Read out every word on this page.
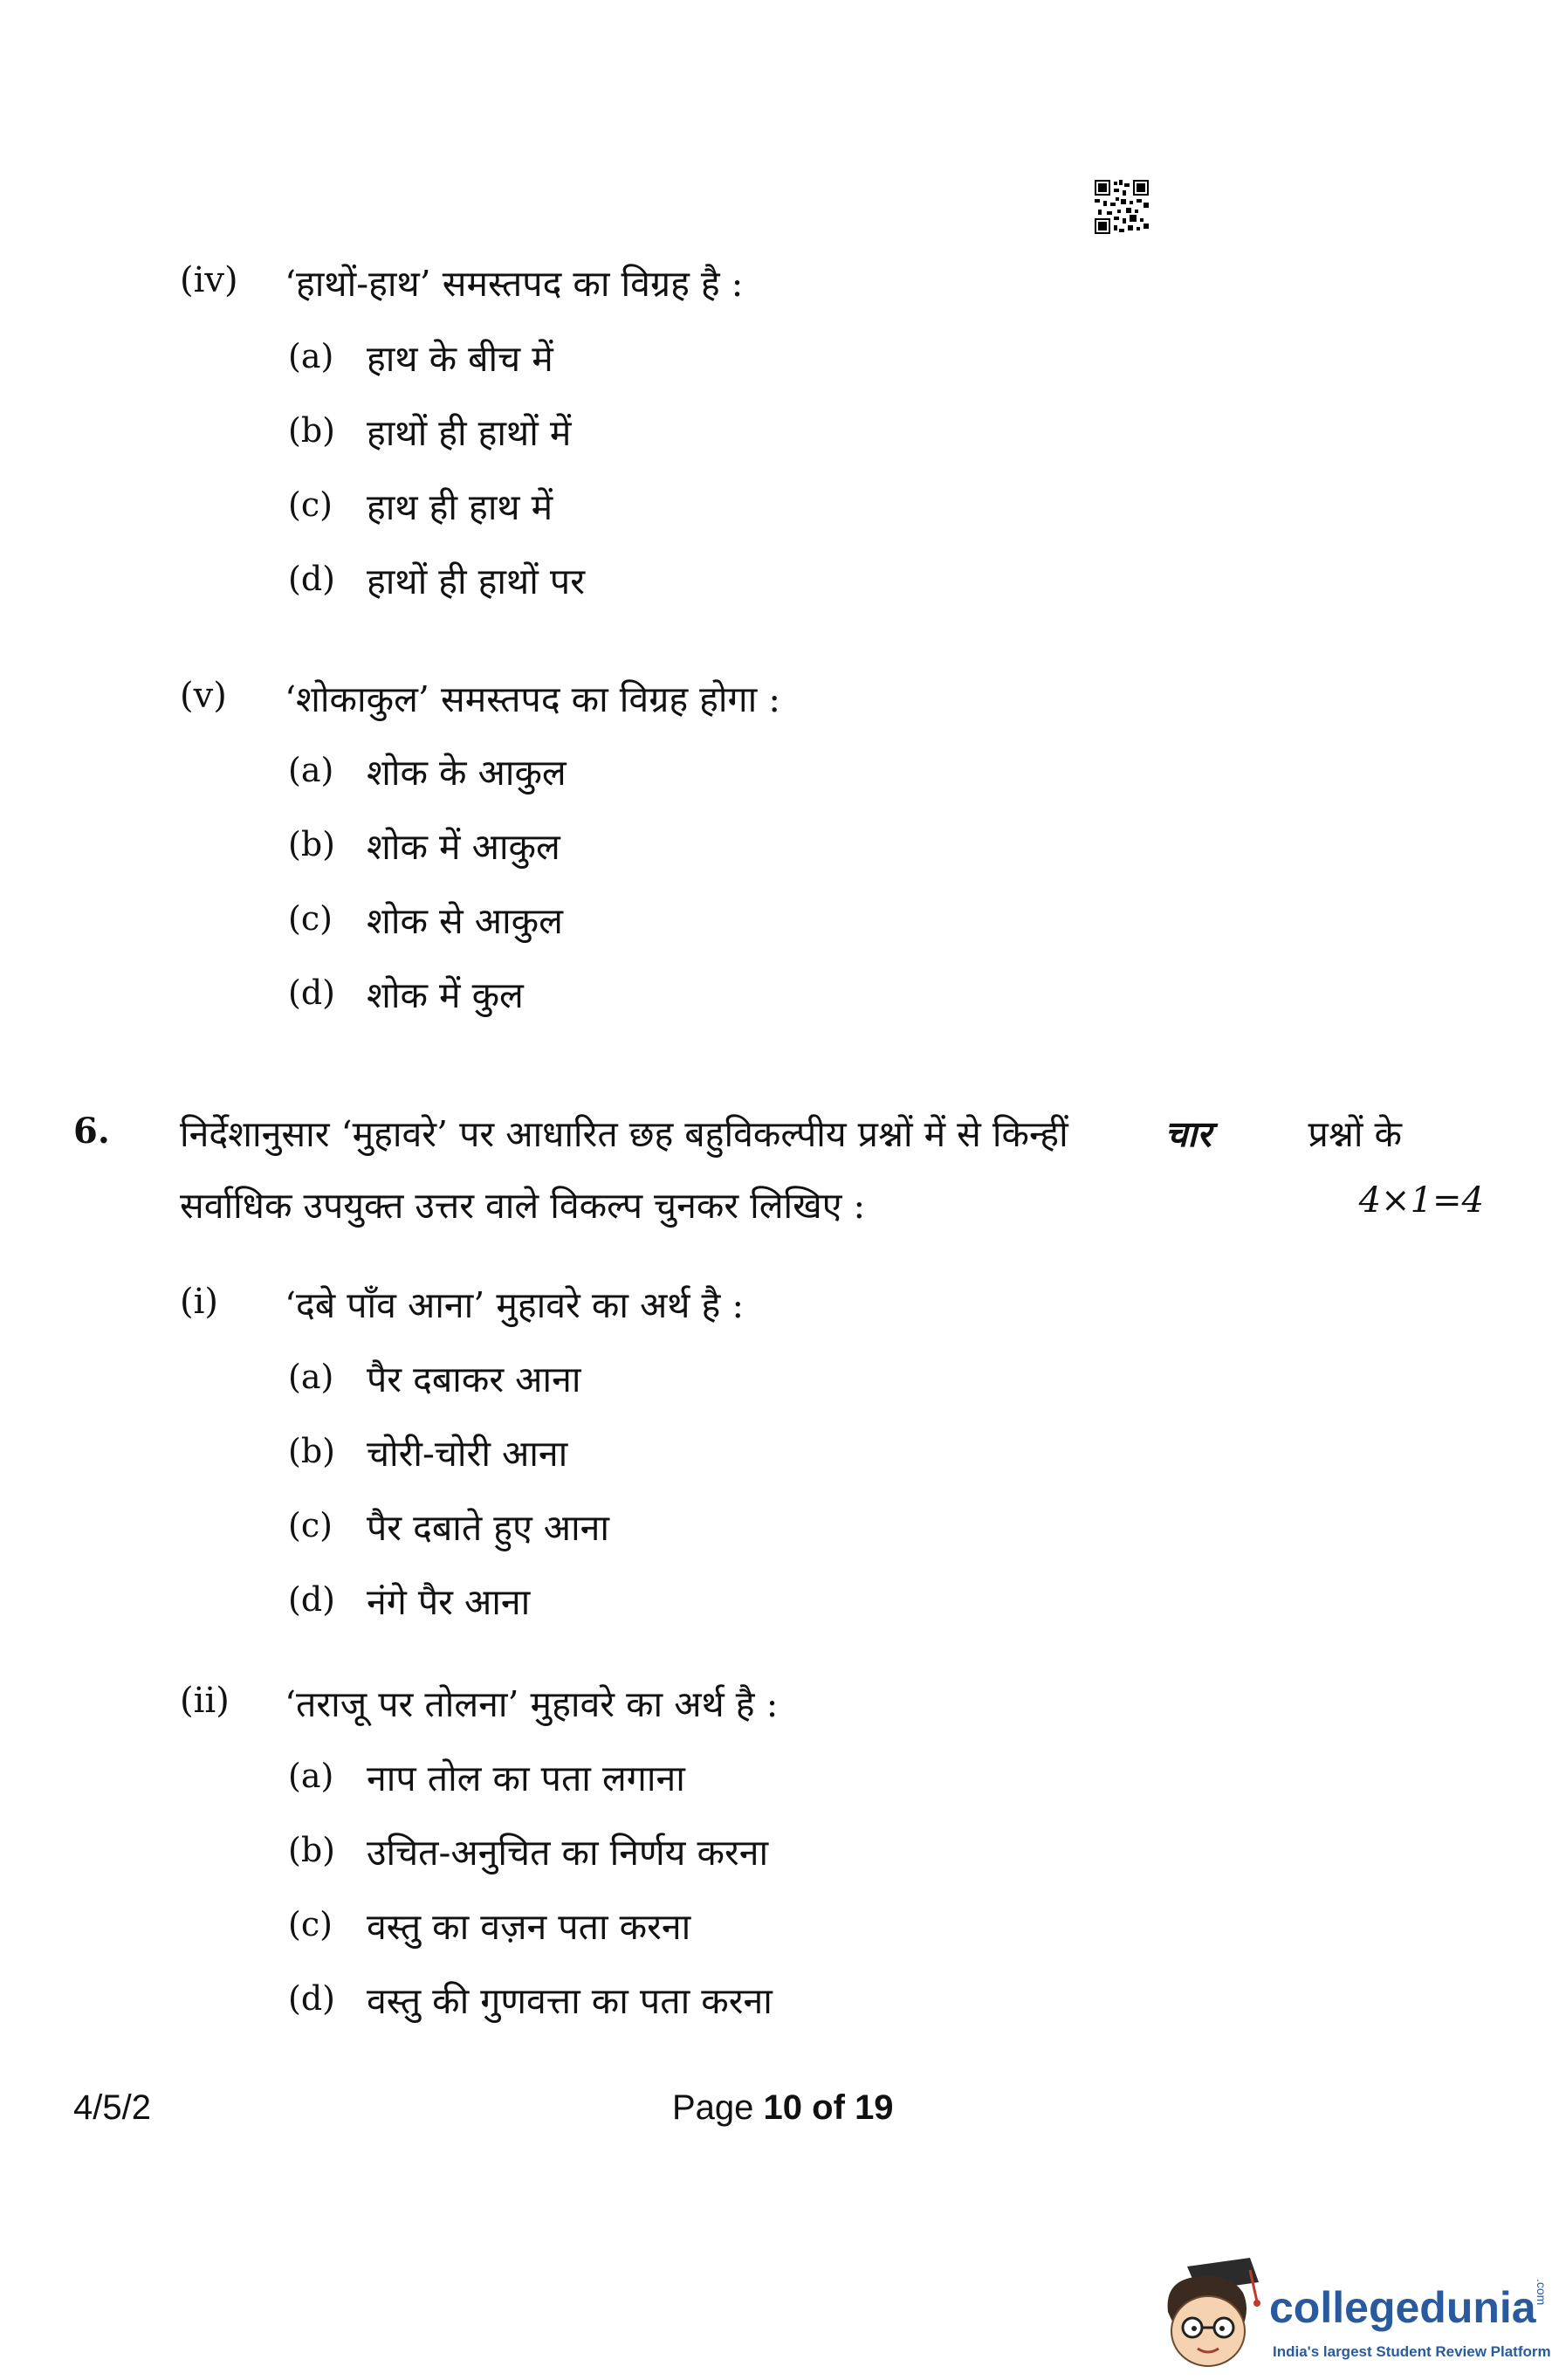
(iv) ‘हाथों-हाथ’ समस्तपद का विग्रह है :
(a) हाथ के बीच में
(b) हाथों ही हाथों में
(c) हाथ ही हाथ में
(d) हाथों ही हाथों पर
(v) ‘शोकाकुल’ समस्तपद का विग्रह होगा :
(a) शोक के आकुल
(b) शोक में आकुल
(c) शोक से आकुल
(d) शोक में कुल
6. निर्देशानुसार ‘मुहावरे’ पर आधारित छह बहुविकल्पीय प्रश्नों में से किन्हीं	चार	प्रश्नों के
सर्वाधिक उपयुक्त उत्तर वाले विकल्प चुनकर लिखिए :	4×1=4
(i) ‘दबे पाँव आना’ मुहावरे का अर्थ है :
(a) पैर दबाकर आना
(b) चोरी-चोरी आना
(c) पैर दबाते हुए आना
(d) नंगे पैर आना
(ii) ‘तराजू पर तोलना’ मुहावरे का अर्थ है :
(a) नाप तोल का पता लगाना
(b) उचित-अनुचित का निर्णय करना
(c) वस्तु का वज़न पता करना
(d) वस्तु की गुणवत्ता का पता करना
4/5/2	Page 10 of 19
collegedunia
.com
India's largest Student Review Platform
